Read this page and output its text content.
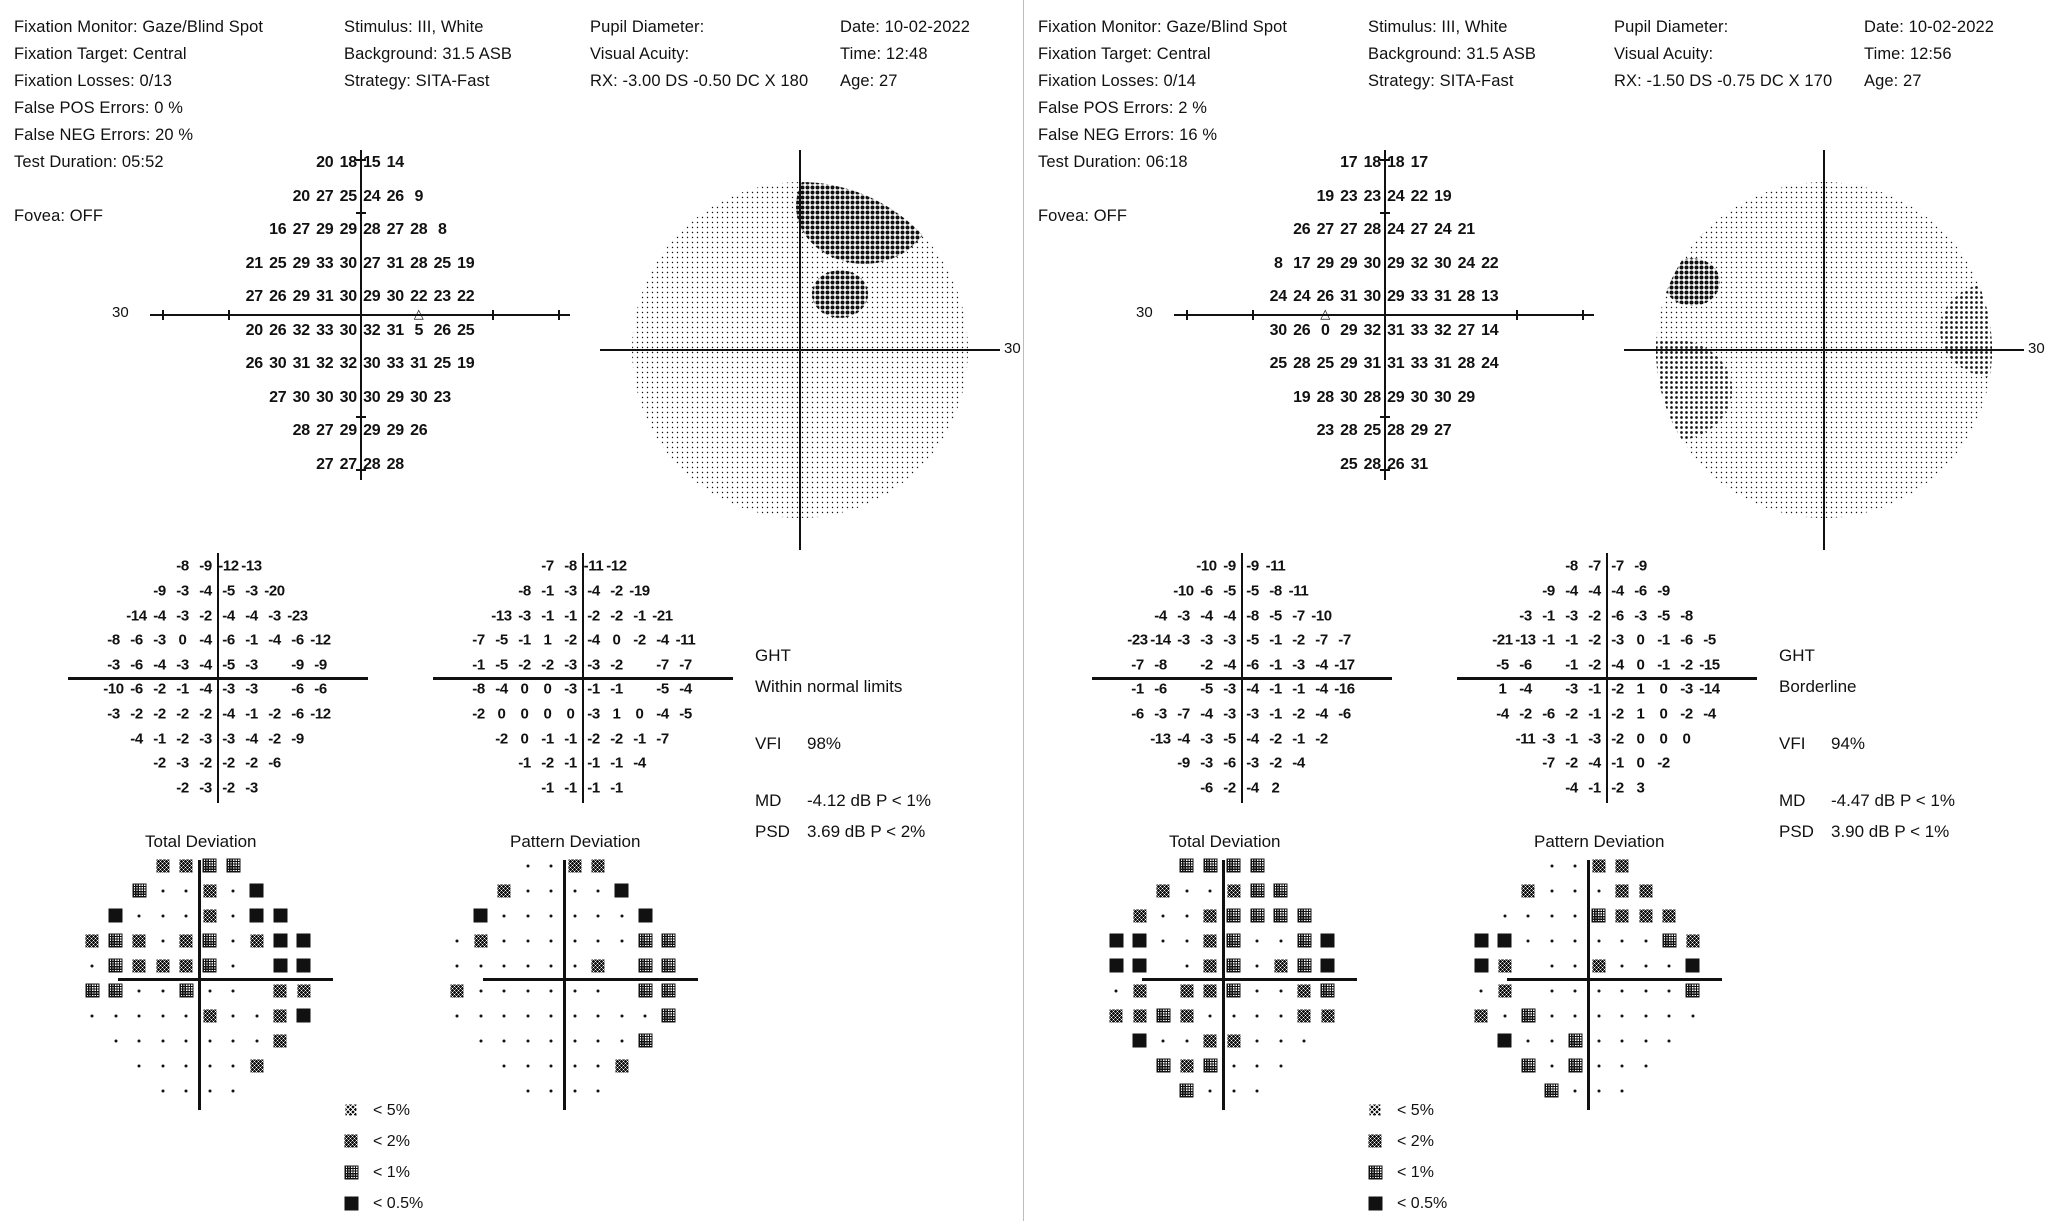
Fixation Monitor: Gaze/Blind Spot
Fixation Target: Central
Fixation Losses: 0/13
False POS Errors: 0 %
False NEG Errors: 20 %
Test Duration: 05:52
Fovea: OFF
Stimulus: III, White
Background: 31.5 ASB
Strategy: SITA-Fast
Pupil Diameter:
Visual Acuity:
RX: -3.00 DS -0.50 DC X 180
Date: 10-02-2022
Time: 12:48
Age: 27
30
20 18 15 14
20 27 25 24 26 9
16 27 29 29 28 27 28 8
21 25 29 33 30 27 31 28 25 19
27 26 29 31 30 29 30 22 23 22
20 26 32 33 30 32 31 5 26 25
26 30 31 32 32 30 33 31 25 19
27 30 30 30 30 29 30 23
28 27 29 29 29 26
27 27 28 28
△
30
-8 -9 -12 -13
-9 -3 -4 -5 -3 -20
-14 -4 -3 -2 -4 -4 -3 -23
-8 -6 -3 0 -4 -6 -1 -4 -6 -12
-3 -6 -4 -3 -4 -5 -3	-9 -9
-10 -6 -2 -1 -4 -3 -3	-6 -6
-3 -2 -2 -2 -2 -4 -1 -2 -6 -12
-4 -1 -2 -3 -3 -4 -2 -9
-2 -3 -2 -2 -2 -6
-2 -3 -2 -3
-7 -8 -11 -12
-8 -1 -3 -4 -2 -19
-13 -3 -1 -1 -2 -2 -1 -21
-7 -5 -1 1 -2 -4 0 -2 -4 -11
-1 -5 -2 -2 -3 -3 -2	-7 -7
-8 -4 0	0 -3 -1 -1	-5 -4
-2 0	0	0	0 -3 1	0 -4 -5
-2 0 -1 -1 -2 -2 -1 -7
-1 -2 -1 -1 -1 -4
-1 -1 -1 -1
Total Deviation	Pattern Deviation
GHT
Within normal limits
VFI 98%
MD -4.12 dB P < 1%
PSD 3.69 dB P < 2%
< 5%
< 2%
< 1%
< 0.5%
Fixation Monitor: Gaze/Blind Spot
Fixation Target: Central
Fixation Losses: 0/14
False POS Errors: 2 %
False NEG Errors: 16 %
Test Duration: 06:18
Fovea: OFF
Stimulus: III, White
Background: 31.5 ASB
Strategy: SITA-Fast
Pupil Diameter:
Visual Acuity:
RX: -1.50 DS -0.75 DC X 170
Date: 10-02-2022
Time: 12:56
Age: 27
30
17 18 18 17
19 23 23 24 22 19
26 27 27 28 24 27 24 21
8 17 29 29 30 29 32 30 24 22
24 24 26 31 30 29 33 31 28 13
30 26 0 29 32 31 33 32 27 14
25 28 25 29 31 31 33 31 28 24
19 28 30 28 29 30 30 29
23 28 25 28 29 27
25 28 26 31
△
30
-10 -9 -9 -11
-10 -6 -5 -5 -8 -11
-4 -3 -4 -4 -8 -5 -7 -10
-23 -14 -3 -3 -3 -5 -1 -2 -7 -7
-7 -8	-2 -4 -6 -1 -3 -4 -17
-1 -6	-5 -3 -4 -1 -1 -4 -16
-6 -3 -7 -4 -3 -3 -1 -2 -4 -6
-13 -4 -3 -5 -4 -2 -1 -2
-9 -3 -6 -3 -2 -4
-6 -2 -4 2
-8 -7 -7 -9
-9 -4 -4 -4 -6 -9
-3 -1 -3 -2 -6 -3 -5 -8
-21 -13 -1 -1 -2 -3 0 -1 -6 -5
-5 -6	-1 -2 -4 0 -1 -2 -15
1 -4	-3 -1 -2 1	0 -3 -14
-4 -2 -6 -2 -1 -2 1	0 -2 -4
-11 -3 -1 -3 -2 0	0	0
-7 -2 -4 -1 0 -2
-4 -1 -2 3
Total Deviation	Pattern Deviation
GHT
Borderline
VFI 94%
MD -4.47 dB P < 1%
PSD 3.90 dB P < 1%
< 5%
< 2%
< 1%
< 0.5%
